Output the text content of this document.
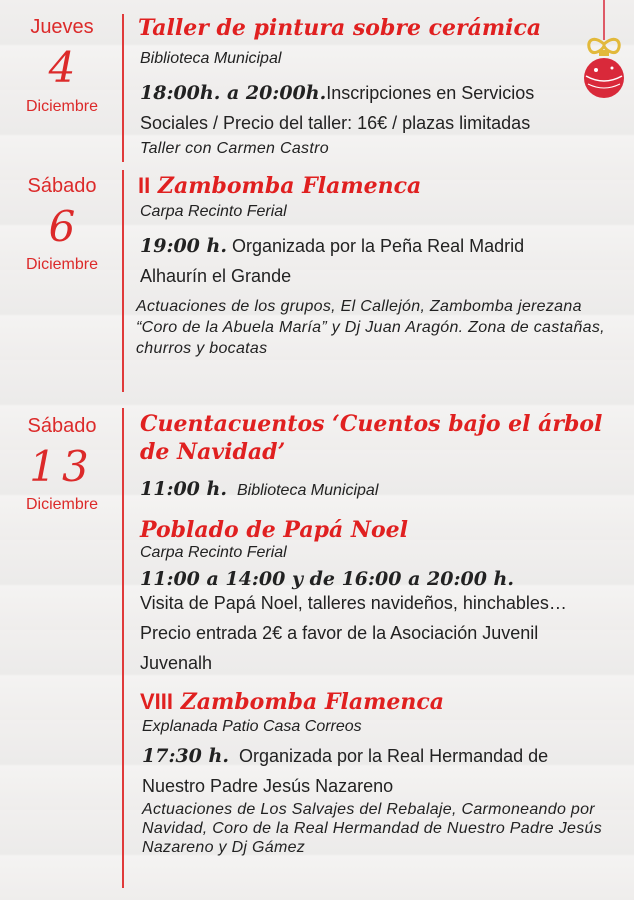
Jueves
4
Diciembre
Taller de pintura sobre cerámica
Biblioteca Municipal
18:00h. a 20:00h.Inscripciones en Servicios Sociales / Precio del taller: 16€ / plazas limitadas
Taller con Carmen Castro
Sábado
6
Diciembre
II Zambomba Flamenca
Carpa Recinto Ferial
19:00 h. Organizada por la Peña Real Madrid Alhaurín el Grande
Actuaciones de los grupos, El Callejón, Zambomba jerezana “Coro de la Abuela María” y Dj Juan Aragón. Zona de castañas, churros y bocatas
Sábado
13
Diciembre
Cuentacuentos ‘Cuentos bajo el árbol de Navidad’
11:00 h. Biblioteca Municipal
Poblado de Papá Noel
Carpa Recinto Ferial
11:00 a 14:00 y de 16:00 a 20:00 h.
Visita de Papá Noel, talleres navideños, hinchables… Precio entrada 2€ a favor de la Asociación Juvenil Juvenalh
VIII Zambomba Flamenca
Explanada Patio Casa Correos
17:30 h. Organizada por la Real Hermandad de Nuestro Padre Jesús Nazareno
Actuaciones de Los Salvajes del Rebalaje, Carmoneando por Navidad, Coro de la Real Hermandad de Nuestro Padre Jesús Nazareno y Dj Gámez
